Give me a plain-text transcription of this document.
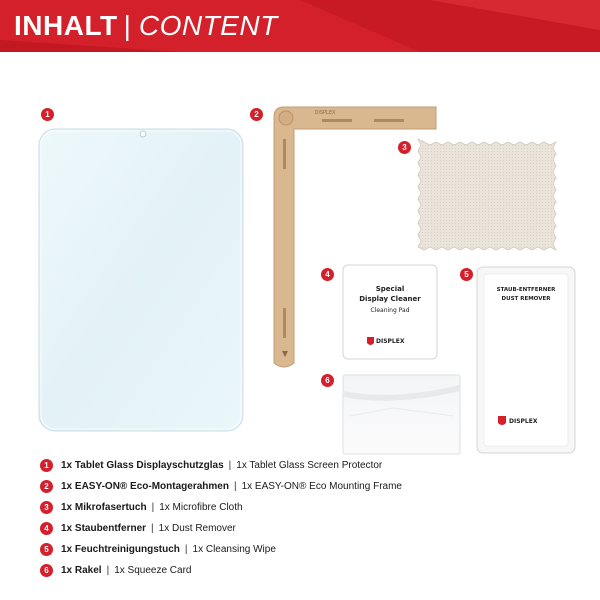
INHALT | CONTENT
1	2	DISPLEX
3
4
Special
Display Cleaner
Cleaning Pad
DISPLEX
5
STAUB-ENTFERNER
DUST REMOVER
DISPLEX
6
1	1x Tablet Glass Displayschutzglas | 1x Tablet Glass Screen Protector
2	1x EASY-ON® Eco-Montagerahmen | 1x EASY-ON® Eco Mounting Frame
3	1x Mikrofasertuch | 1x Microfibre Cloth
4	1x Staubentferner | 1x Dust Remover
5	1x Feuchtreinigungstuch | 1x Cleansing Wipe
6	1x Rakel | 1x Squeeze Card
